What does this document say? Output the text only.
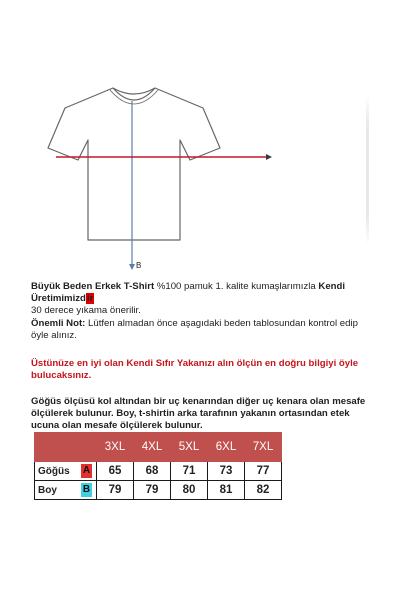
B
Büyük Beden Erkek T-Shirt %100 pamuk 1. kalite kumaşlarımızla Kendi Üretimimizdir
30 derece yıkama önerilir.
Önemli Not: Lütfen almadan önce aşagıdaki beden tablosundan kontrol edip öyle alınız.
Üstünüze en iyi olan Kendi Sıfır Yakanızı alın ölçün en doğru bilgiyi öyle bulucaksınız.
Göğüs ölçüsü kol altından bir uç kenarından diğer uç kenara olan mesafe ölçülerek bulunur. Boy, t-shirtin arka tarafının yakanın ortasından etek ucuna olan mesafe ölçülerek bulunur.
	3XL	4XL	5XL	6XL	7XL
Göğüs A	65	68	71	73	77
Boy B	79	79	80	81	82
